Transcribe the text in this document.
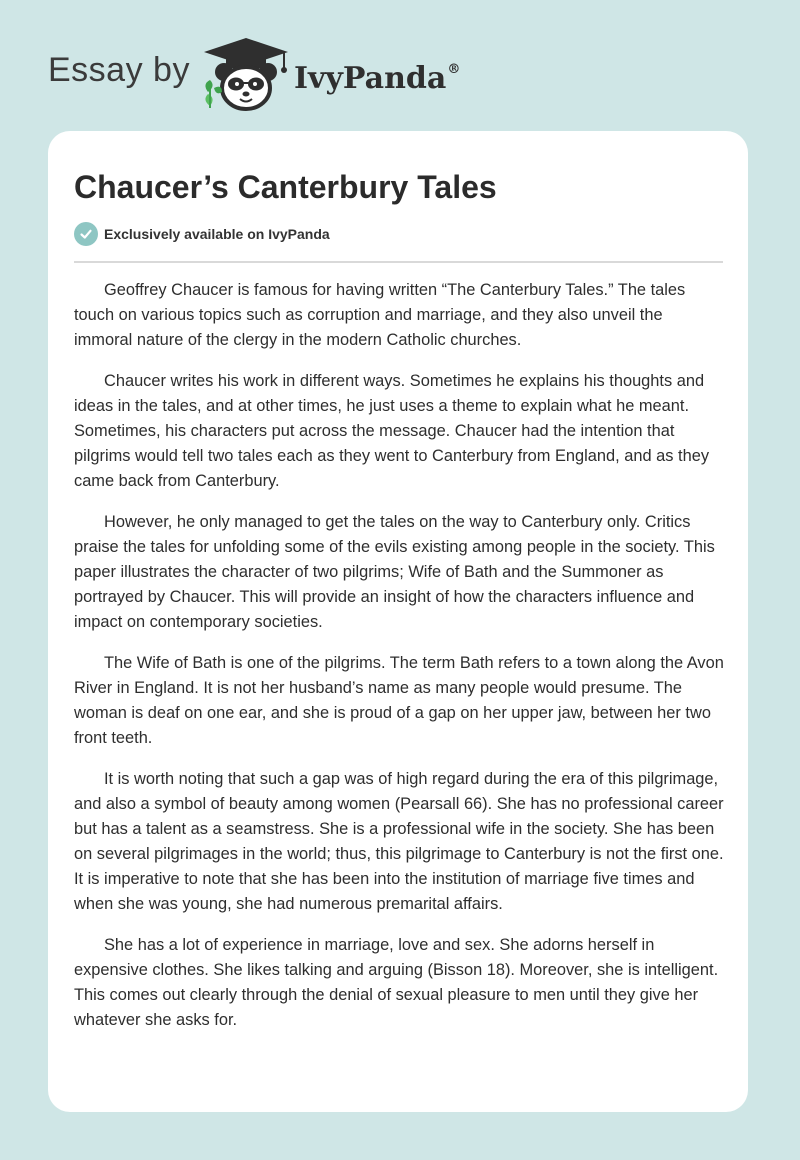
Essay by	IvyPanda®
Chaucer’s Canterbury Tales
Exclusively available on IvyPanda

Geoffrey Chaucer is famous for having written “The Canterbury Tales.” The tales touch on various topics such as corruption and marriage, and they also unveil the immoral nature of the clergy in the modern Catholic churches.

Chaucer writes his work in different ways. Sometimes he explains his thoughts and ideas in the tales, and at other times, he just uses a theme to explain what he meant. Sometimes, his characters put across the message. Chaucer had the intention that pilgrims would tell two tales each as they went to Canterbury from England, and as they came back from Canterbury.

However, he only managed to get the tales on the way to Canterbury only. Critics praise the tales for unfolding some of the evils existing among people in the society. This paper illustrates the character of two pilgrims; Wife of Bath and the Summoner as portrayed by Chaucer. This will provide an insight of how the characters influence and impact on contemporary societies.

The Wife of Bath is one of the pilgrims. The term Bath refers to a town along the Avon River in England. It is not her husband’s name as many people would presume. The woman is deaf on one ear, and she is proud of a gap on her upper jaw, between her two front teeth.

It is worth noting that such a gap was of high regard during the era of this pilgrimage, and also a symbol of beauty among women (Pearsall 66). She has no professional career but has a talent as a seamstress. She is a professional wife in the society. She has been on several pilgrimages in the world; thus, this pilgrimage to Canterbury is not the first one. It is imperative to note that she has been into the institution of marriage five times and when she was young, she had numerous premarital affairs.

She has a lot of experience in marriage, love and sex. She adorns herself in expensive clothes. She likes talking and arguing (Bisson 18). Moreover, she is intelligent. This comes out clearly through the denial of sexual pleasure to men until they give her whatever she asks for.
